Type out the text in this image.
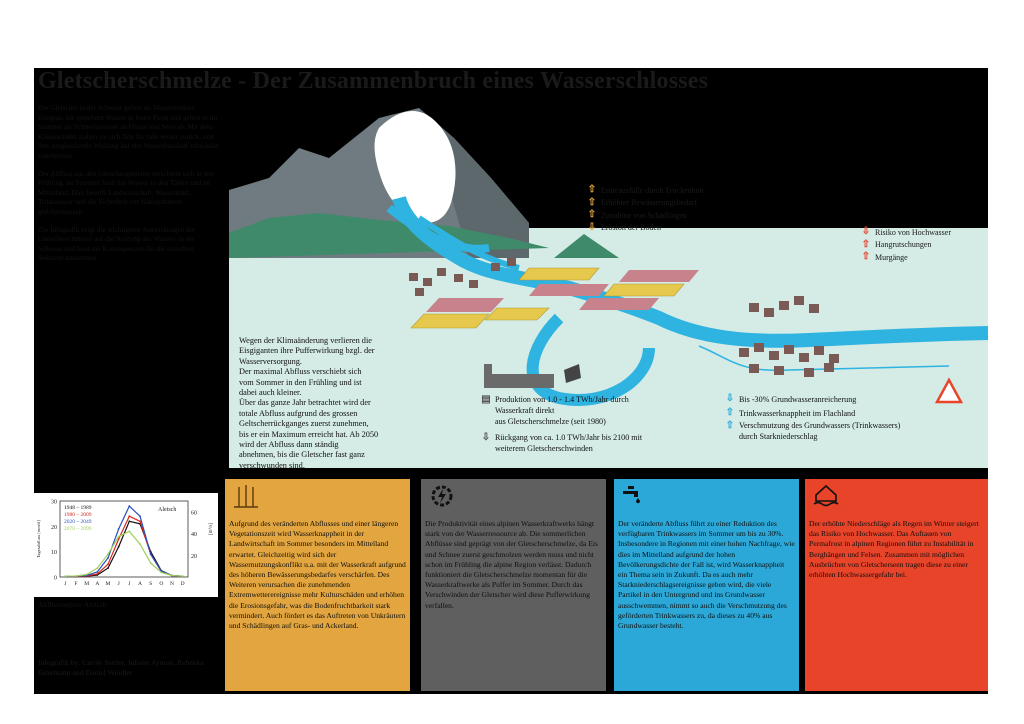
Gletscherschmelze - Der Zusammenbruch eines Wasserschlosses

Die Gletscher in der Schweiz gelten als Wasserschloss Europas: Sie speichern Wasser in fester Form und geben es im Sommer als Schmelzwasser an Flüsse und Seen ab. Mit dem Klimawandel ziehen sie sich Jahr für Jahr weiter zurück, und ihre ausgleichende Wirkung auf den Wasserhaushalt schwindet zunehmend.

Der Abfluss aus den Gletschergebieten verschiebt sich in den Frühling, im Sommer fehlt das Wasser in den Tälern und im Mittelland. Dies betrifft Landwirtschaft, Wasserkraft, Trinkwasser und die Sicherheit vor Naturgefahren gleichermassen.

Die Infografik zeigt die wichtigsten Auswirkungen der Gletscherschmelze auf die Nutzung des Wassers in der Schweiz und fasst die Konsequenzen für die einzelnen Sektoren zusammen.

Wegen der Klimaänderung verlieren die
Eisgiganten ihre Pufferwirkung bzgl. der
Wasserversorgung.
Der maximal Abfluss verschiebt sich
vom Sommer in den Frühling und ist
dabei auch kleiner.
Über das ganze Jahr betrachtet wird der
totale Abfluss aufgrund des grossen
Geltscherrückganges zuerst zunehmen,
bis er ein Maximum erreicht hat. Ab 2050
wird der Abfluss dann ständig
abnehmen, bis die Gletscher fast ganz
verschwunden sind.
⇧ Ernteausfälle durch Trockenheit
⇧ Erhöhter Bewässerungsbedarf
⇧ Zunahme von Schädlingen
⇩ Erosion der Böden	⇩ Risiko von Hochwasser
⇧ Hangrutschungen
⇧ Murgänge
▤ Produktion von 1.0 - 1.4 TWh/Jahr durch
Wasserkraft direkt
aus Gletscherschmelze (seit 1980)
⇩ Rückgang von ca. 1.0 TWh/Jahr bis 2100 mit
weiterem Gletscherschwinden
⇩ Bis -30% Grundwasseranreicherung
⇧ Trinkwasserknappheit im Flachland
⇧ Verschmutzung des Grundwassers (Trinkwassers)
durch Starkniederschlag
0
10
20
30
20
40
60
J F M A M J J A S O N D
Tagesabfluss [mm/d]	[m³/s]
Aletsch
1948 – 1989
1980 – 2009
2020 – 2049
2070 – 2099
Abflussregime Aletsch
Infografik by: Carole Settler, Juliette Aymon, Rebekka Estermann und Daniel Windler
Aufgrund des veränderten Abflusses und einer längeren Vegetationszeit wird Wasserknappheit in der Landwirtschaft im Sommer besonders im Mittelland erwartet. Gleichzeitig wird sich der Wassernutzungskonflikt u.a. mit der Wasserkraft aufgrund des höheren Bewässerungsbedarfes verschärfen. Des Weiteren verursachen die zunehmenden Extremwetterereignisse mehr Kulturschäden und erhöhen die Erosionsgefahr, was die Bodenfruchtbarkeit stark vermindert. Auch fördert es das Auftreten von Unkräutern und Schädlingen auf Gras- und Ackerland.
Die Produktivität eines alpinen Wasserkraftwerks hängt stark von der Wasserressource ab. Die sommerlichen Abflüsse sind geprägt von der Gletscherschmelze, da Eis und Schnee zuerst geschmolzen werden muss und nicht schon im Frühling die alpine Region verlässt. Dadurch funktioniert die Gletscherschmelze momentan für die Wasserkraftwerke als Puffer im Sommer. Durch das Verschwinden der Gletscher wird diese Pufferwirkung verfallen.
Der veränderte Abfluss führt zu einer Reduktion des verfügbaren Trinkwassers im Sommer um bis zu 30%. Insbesondere in Regionen mit einer hohen Nachfrage, wie dies im Mittelland aufgrund der hohen Bevölkerungsdichte der Fall ist, wird Wasserknappheit ein Thema sein in Zukunft. Da es auch mehr Starkniederschlagsereignisse geben wird, die viele Partikel in den Untergrund und ins Grundwasser ausschwemmen, nimmt so auch die Verschmutzung des geförderten Trinkwassers zu, da dieses zu 40% aus Grundwasser besteht.
Der erhöhte Niederschläge als Regen im Winter steigert das Risiko von Hochwasser. Das Auftauen von Permafrost in alpinen Regionen führt zu Instabilität in Berghängen und Felsen. Zusammen mit möglichen Ausbrüchen von Gletscherseen tragen diese zu einer erhöhten Hochwassergefahr bei.
